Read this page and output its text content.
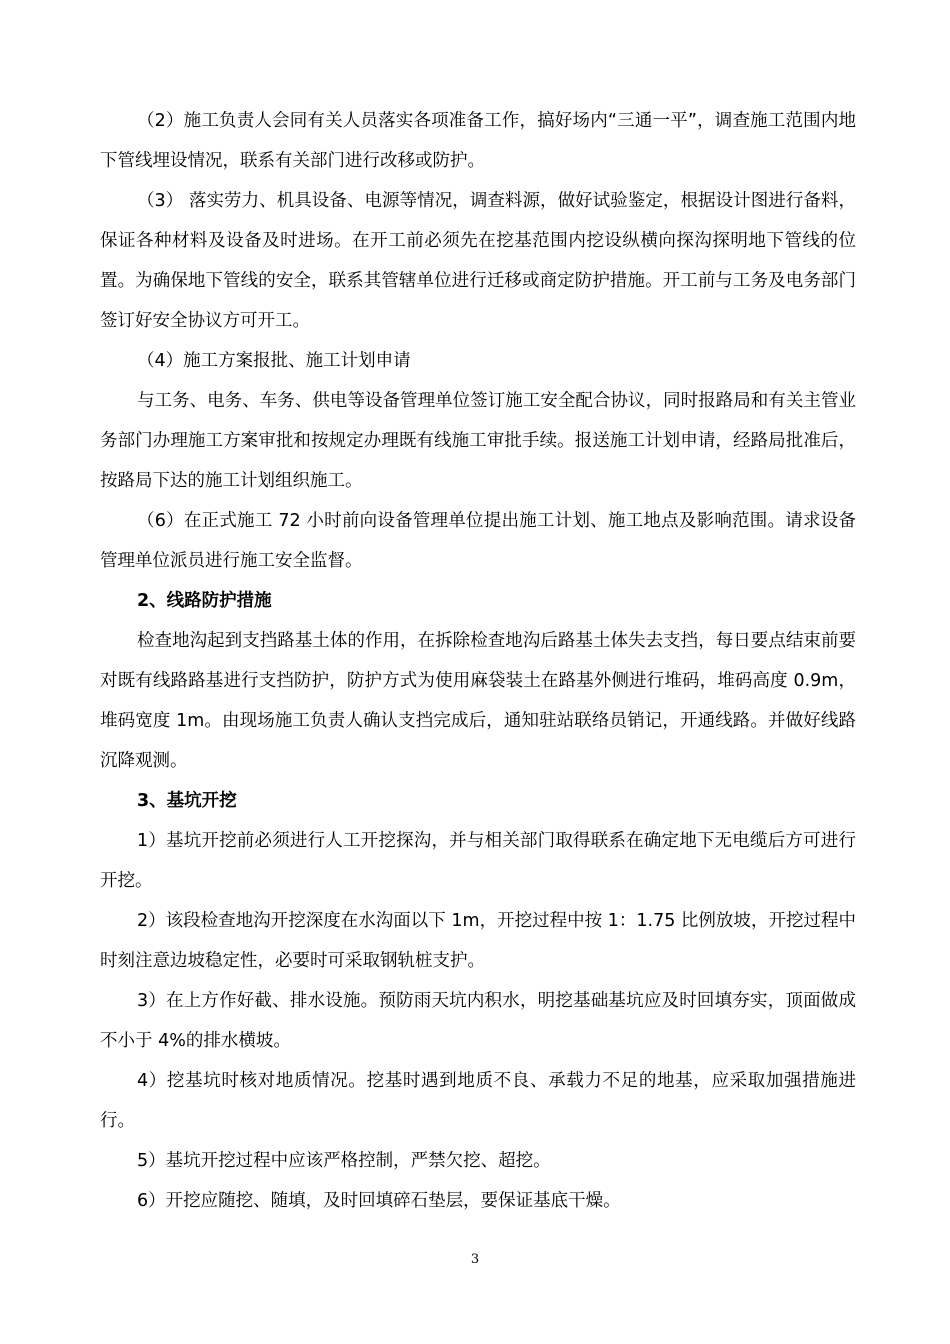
（2）施工负责人会同有关人员落实各项准备工作，搞好场内“三通一平”，调查施工范围内地下管线埋设情况，联系有关部门进行改移或防护。

（3） 落实劳力、机具设备、电源等情况，调查料源，做好试验鉴定，根据设计图进行备料，保证各种材料及设备及时进场。在开工前必须先在挖基范围内挖设纵横向探沟探明地下管线的位置。为确保地下管线的安全，联系其管辖单位进行迁移或商定防护措施。开工前与工务及电务部门签订好安全协议方可开工。

（4）施工方案报批、施工计划申请

与工务、电务、车务、供电等设备管理单位签订施工安全配合协议，同时报路局和有关主管业务部门办理施工方案审批和按规定办理既有线施工审批手续。报送施工计划申请，经路局批准后，按路局下达的施工计划组织施工。

（6）在正式施工 72 小时前向设备管理单位提出施工计划、施工地点及影响范围。请求设备管理单位派员进行施工安全监督。

2、线路防护措施

检查地沟起到支挡路基土体的作用，在拆除检查地沟后路基土体失去支挡，每日要点结束前要对既有线路路基进行支挡防护，防护方式为使用麻袋装土在路基外侧进行堆码，堆码高度 0.9m，堆码宽度 1m。由现场施工负责人确认支挡完成后，通知驻站联络员销记，开通线路。并做好线路沉降观测。

3、基坑开挖

1）基坑开挖前必须进行人工开挖探沟，并与相关部门取得联系在确定地下无电缆后方可进行开挖。

2）该段检查地沟开挖深度在水沟面以下 1m，开挖过程中按 1：1.75 比例放坡，开挖过程中时刻注意边坡稳定性，必要时可采取钢轨桩支护。

3）在上方作好截、排水设施。预防雨天坑内积水，明挖基础基坑应及时回填夯实，顶面做成不小于 4%的排水横坡。

4）挖基坑时核对地质情况。挖基时遇到地质不良、承载力不足的地基，应采取加强措施进行。

5）基坑开挖过程中应该严格控制，严禁欠挖、超挖。

6）开挖应随挖、随填，及时回填碎石垫层，要保证基底干燥。

3
